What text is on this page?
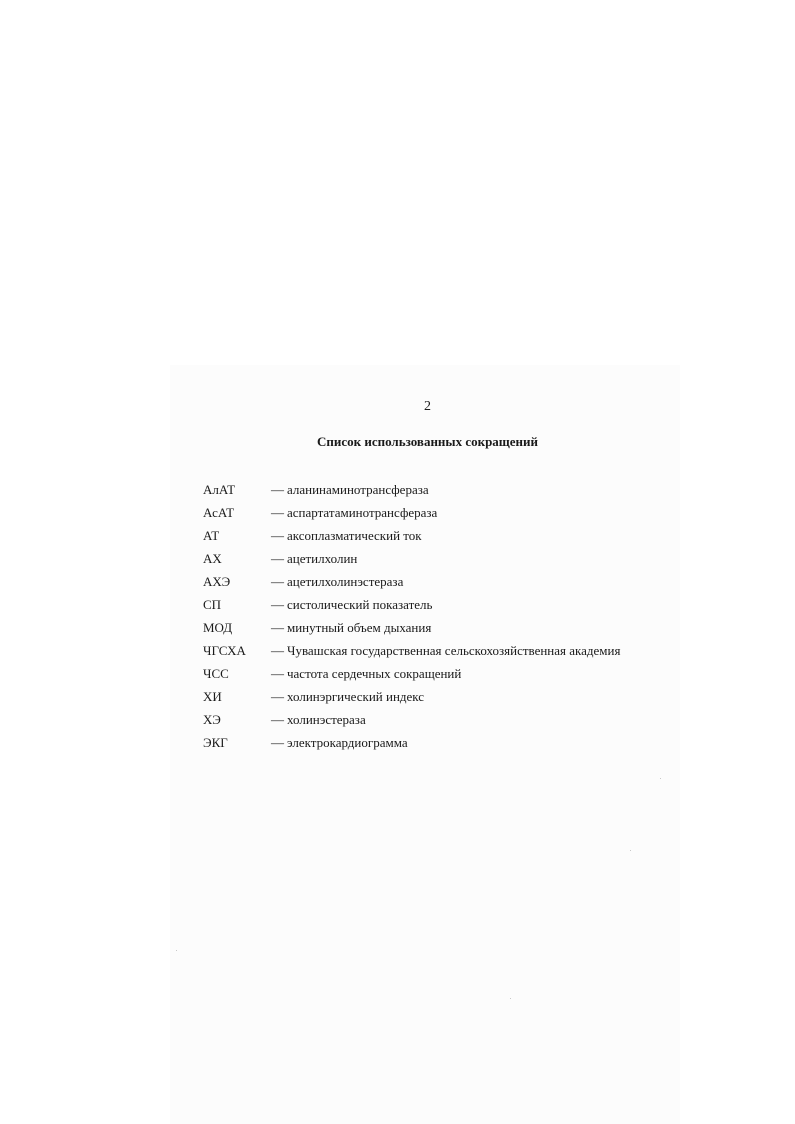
2
Список использованных сокращений
АлАТ	— аланинаминотрансфераза
АсАТ	— аспартатаминотрансфераза
АТ	— аксоплазматический ток
АХ	— ацетилхолин
АХЭ	— ацетилхолинэстераза
СП	— систолический показатель
МОД	— минутный объем дыхания
ЧГСХА	— Чувашская государственная сельскохозяйственная академия
ЧСС	— частота сердечных сокращений
ХИ	— холинэргический индекс
ХЭ	— холинэстераза
ЭКГ	— электрокардиограмма
